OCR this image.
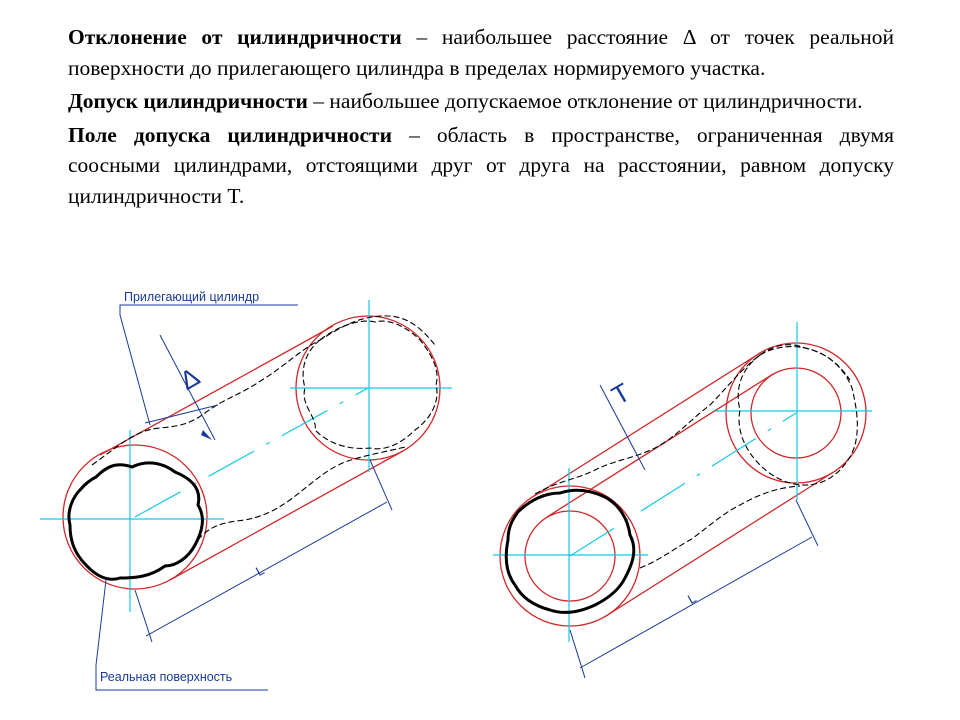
Отклонение от цилиндричности – наибольшее расстояние Δ от точек реальной поверхности до прилегающего цилиндра в пределах нормируемого участка.

Допуск цилиндричности – наибольшее допускаемое отклонение от цилиндричности.

Поле допуска цилиндричности – область в пространстве, ограниченная двумя соосными цилиндрами, отстоящими друг от друга на расстоянии, равном допуску цилиндричности T.

Прилегающий цилиндр
Реальная поверхность
Δ
L
T
L
